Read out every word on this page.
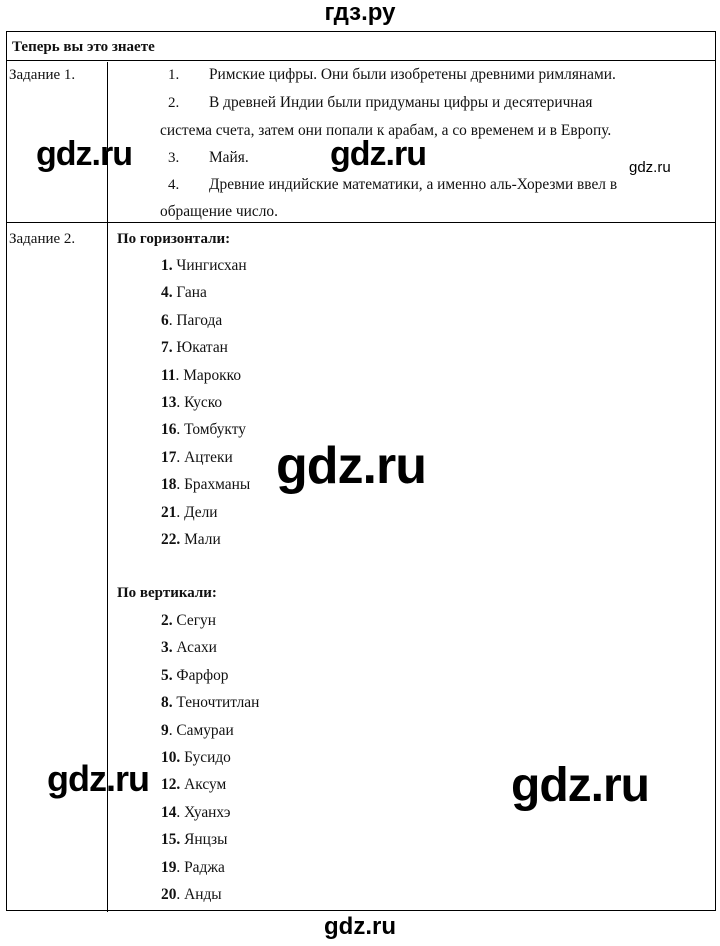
гдз.ру
Теперь вы это знаете
Задание 1.	1. Римские цифры. Они были изобретены древними римлянами.
2. В древней Индии были придуманы цифры и десятеричная
система счета, затем они попали к арабам, а со временем и в Европу.
3. Майя.
4. Древние индийские математики, а именно аль-Хорезми ввел в
обращение число.
Задание 2.	По горизонтали:
1. Чингисхан
4. Гана
6. Пагода
7. Юкатан
11. Марокко
13. Куско
16. Томбукту
17. Ацтеки
18. Брахманы
21. Дели
22. Мали
По вертикали:
2. Сегун
3. Асахи
5. Фарфор
8. Теночтитлан
9. Самураи
10. Бусидо
12. Аксум
14. Хуанхэ
15. Янцзы
19. Раджа
20. Анды
gdz.ru	gdz.ru	gdz.ru
gdz.ru
gdz.ru	gdz.ru
gdz.ru
